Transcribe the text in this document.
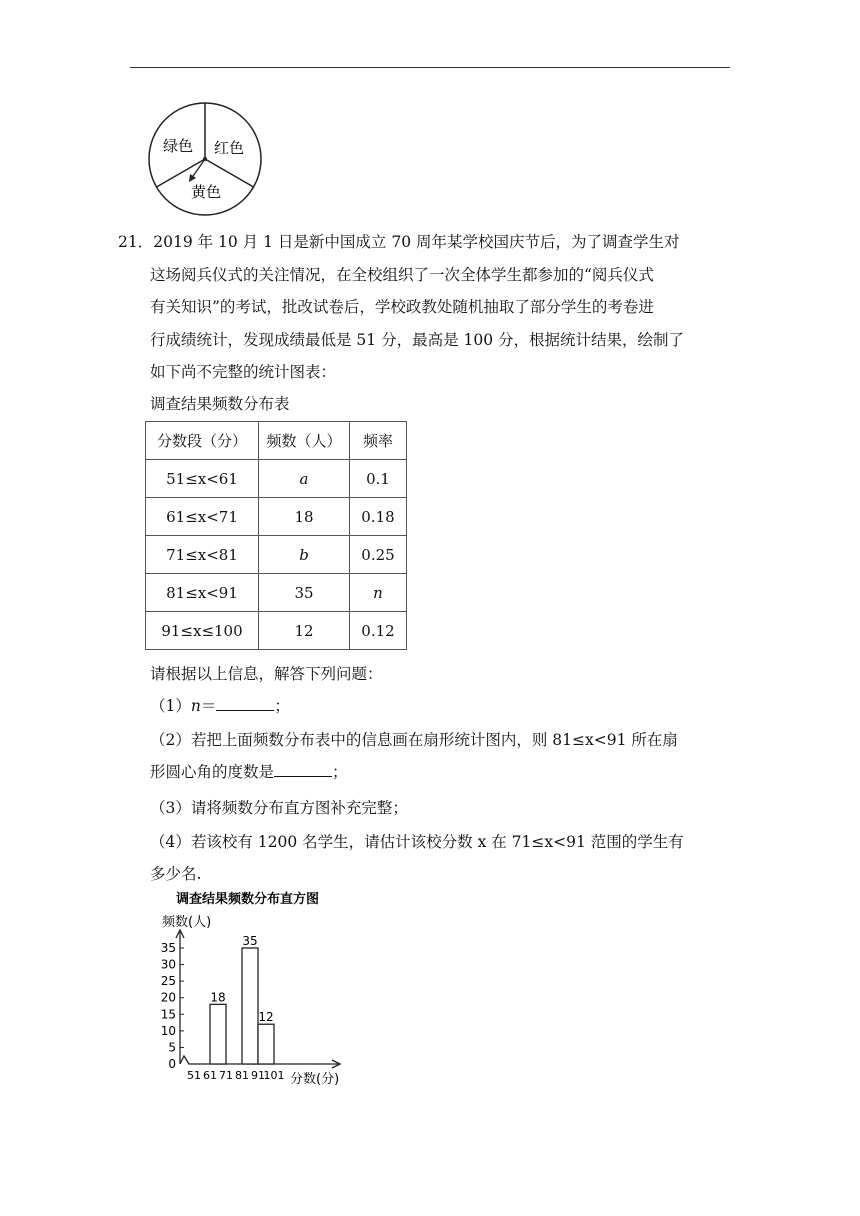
绿色 红色
黄色

21．2019 年 10 月 1 日是新中国成立 70 周年某学校国庆节后，为了调查学生对

这场阅兵仪式的关注情况，在全校组织了一次全体学生都参加的“阅兵仪式

有关知识”的考试，批改试卷后，学校政教处随机抽取了部分学生的考卷进

行成绩统计，发现成绩最低是 51 分，最高是 100 分，根据统计结果，绘制了

如下尚不完整的统计图表：

调查结果频数分布表
分数段（分）	频数（人）	频率
51≤x<61	a	0.1
61≤x<71	18	0.18
71≤x<81	b	0.25
81≤x<91	35	n
91≤x≤100	12	0.12
请根据以上信息，解答下列问题：
（1）n＝	；
（2）若把上面频数分布表中的信息画在扇形统计图内，则 81≤x<91 所在扇
形圆心角的度数是	；
（3）请将频数分布直方图补充完整；
（4）若该校有 1200 名学生，请估计该校分数 x 在 71≤x<91 范围的学生有
多少名.
调查结果频数分布直方图
频数(人)
分数(分)
0
5
10
15
20
25
30
35
51 61 71 81 91
101
18
35
12
